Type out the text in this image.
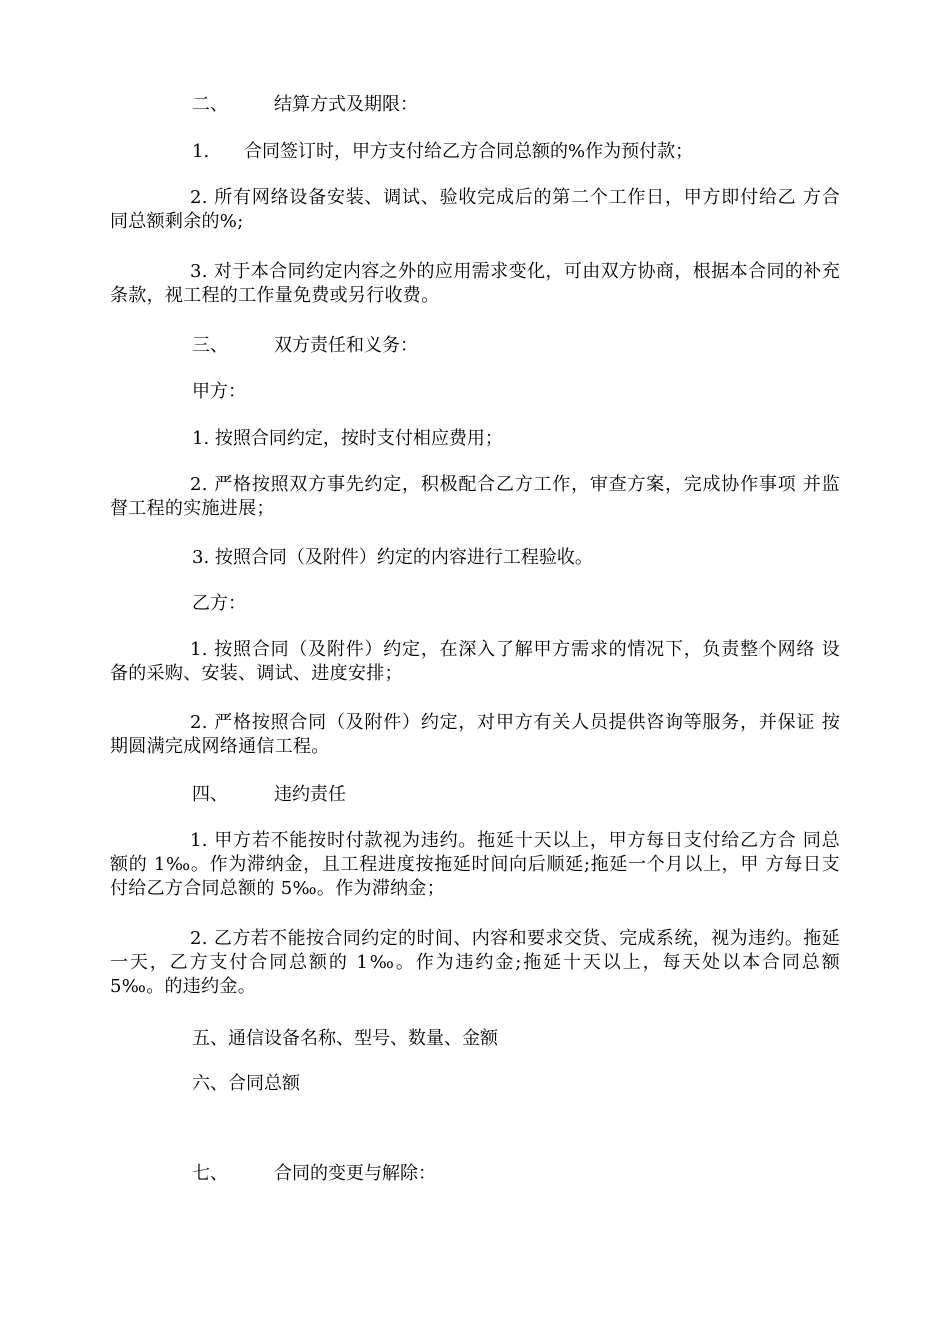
二、	结算方式及期限：

1. 合同签订时，甲方支付给乙方合同总额的%作为预付款；

2. 所有网络设备安装、调试、验收完成后的第二个工作日，甲方即付给乙 方合同总额剩余的%;

3. 对于本合同约定内容之外的应用需求变化，可由双方协商，根据本合同的补充条款，视工程的工作量免费或另行收费。

三、	双方责任和义务：

甲方：

1. 按照合同约定，按时支付相应费用；

2. 严格按照双方事先约定，积极配合乙方工作，审查方案，完成协作事项 并监督工程的实施进展；

3. 按照合同（及附件）约定的内容进行工程验收。

乙方：

1. 按照合同（及附件）约定，在深入了解甲方需求的情况下，负责整个网络 设备的采购、安装、调试、进度安排；

2. 严格按照合同（及附件）约定，对甲方有关人员提供咨询等服务，并保证 按期圆满完成网络通信工程。

四、	违约责任

1. 甲方若不能按时付款视为违约。拖延十天以上，甲方每日支付给乙方合 同总额的 1‰。作为滞纳金，且工程进度按拖延时间向后顺延;拖延一个月以上，甲 方每日支付给乙方合同总额的 5‰。作为滞纳金；

2. 乙方若不能按合同约定的时间、内容和要求交货、完成系统，视为违约。拖延一天，乙方支付合同总额的 1‰。作为违约金;拖延十天以上，每天处以本合同总额 5‰。的违约金。

五、通信设备名称、型号、数量、金额

六、合同总额

七、	合同的变更与解除：
